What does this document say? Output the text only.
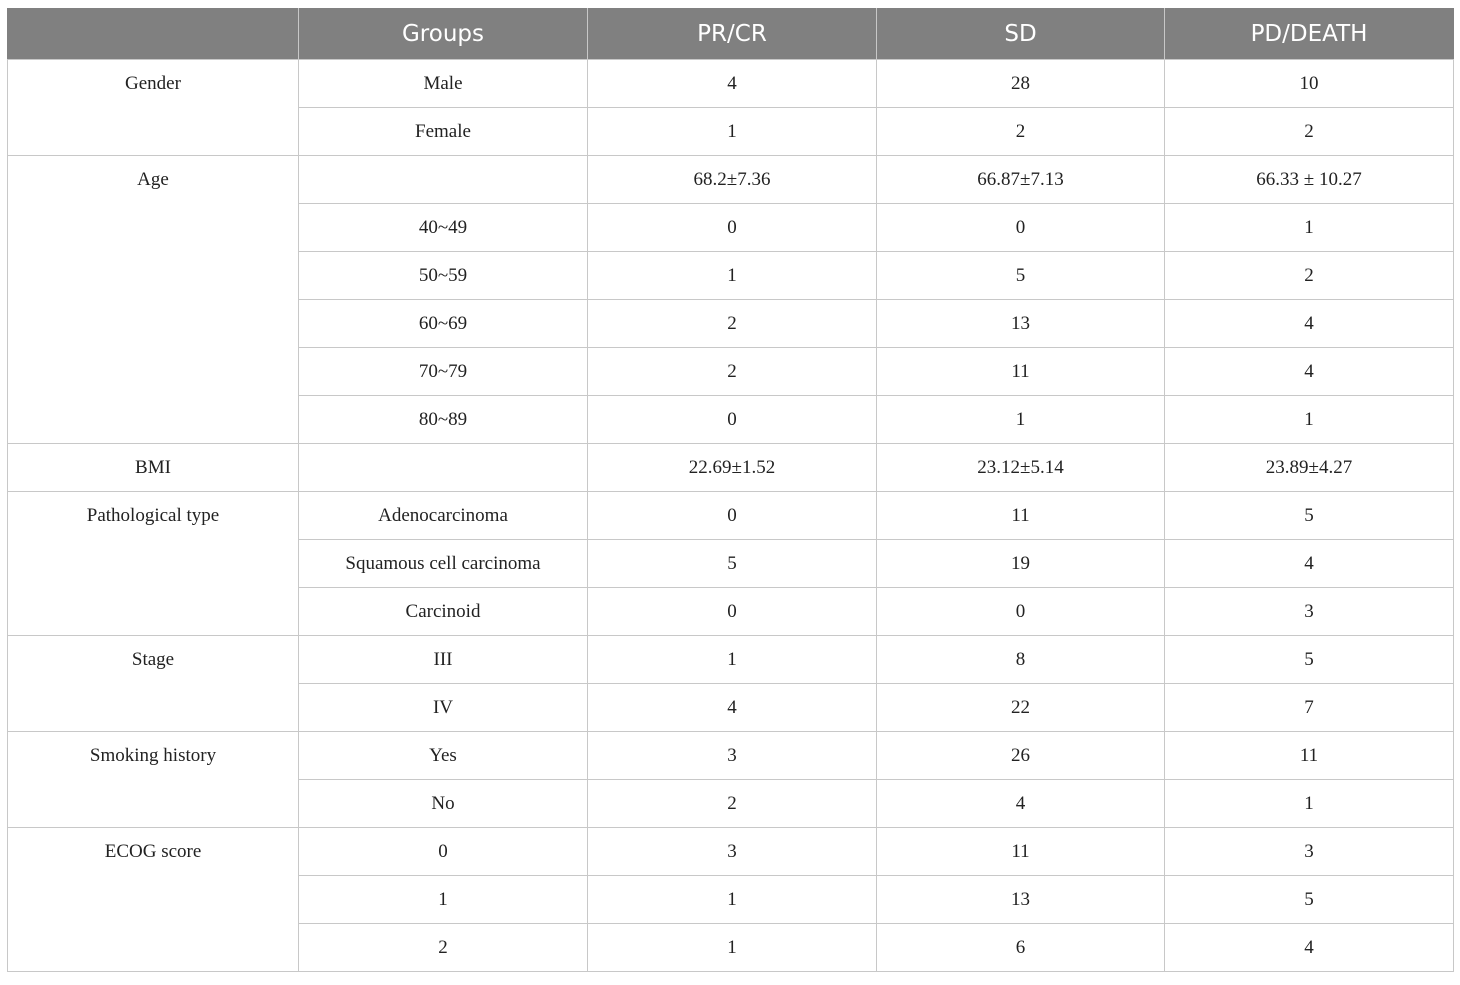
	Groups	PR/CR	SD	PD/DEATH
Gender	Male	4	28	10
	Female	1	2	2
Age		68.2±7.36	66.87±7.13	66.33 ± 10.27
	40~49	0	0	1
	50~59	1	5	2
	60~69	2	13	4
	70~79	2	11	4
	80~89	0	1	1
BMI		22.69±1.52	23.12±5.14	23.89±4.27
Pathological type	Adenocarcinoma	0	11	5
	Squamous cell carcinoma	5	19	4
	Carcinoid	0	0	3
Stage	III	1	8	5
	IV	4	22	7
Smoking history	Yes	3	26	11
	No	2	4	1
ECOG score	0	3	11	3
	1	1	13	5
	2	1	6	4
